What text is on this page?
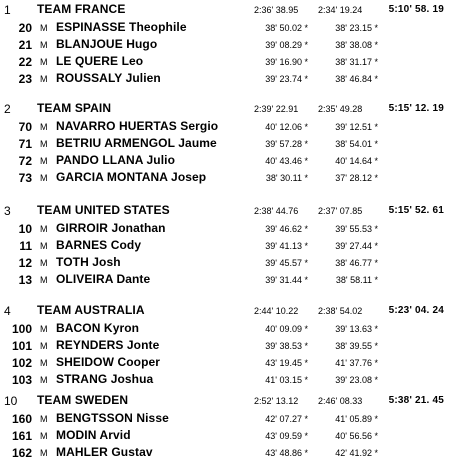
1	TEAM FRANCE	2:36' 38.95	2:34' 19.24	5:10' 58. 19
20 M ESPINASSE Theophile	38' 50.02 *	38' 23.15 *
21 M BLANJOUE Hugo	39' 08.29 *	38' 38.08 *
22 M LE QUERE Leo	39' 16.90 *	38' 31.17 *
23 M ROUSSALY Julien	39' 23.74 *	38' 46.84 *
2	TEAM SPAIN	2:39' 22.91	2:35' 49.28	5:15' 12. 19
70 M NAVARRO HUERTAS Sergio	40' 12.06 *	39' 12.51 *
71 M BETRIU ARMENGOL Jaume	39' 57.28 *	38' 54.01 *
72 M PANDO LLANA Julio	40' 43.46 *	40' 14.64 *
73 M GARCIA MONTANA Josep	38' 30.11 *	37' 28.12 *
3	TEAM UNITED STATES	2:38' 44.76	2:37' 07.85	5:15' 52. 61
10 M GIRROIR Jonathan	39' 46.62 *	39' 55.53 *
11 M BARNES Cody	39' 41.13 *	39' 27.44 *
12 M TOTH Josh	39' 45.57 *	38' 46.77 *
13 M OLIVEIRA Dante	39' 31.44 *	38' 58.11 *
4	TEAM AUSTRALIA	2:44' 10.22	2:38' 54.02	5:23' 04. 24
100 M BACON Kyron	40' 09.09 *	39' 13.63 *
101 M REYNDERS Jonte	39' 38.53 *	38' 39.55 *
102 M SHEIDOW Cooper	43' 19.45 *	41' 37.76 *
103 M STRANG Joshua	41' 03.15 *	39' 23.08 *
10	TEAM SWEDEN	2:52' 13.12	2:46' 08.33	5:38' 21. 45
160 M BENGTSSON Nisse	42' 07.27 *	41' 05.89 *
161 M MODIN Arvid	43' 09.59 *	40' 56.56 *
162 M MAHLER Gustav	43' 48.86 *	42' 41.92 *
